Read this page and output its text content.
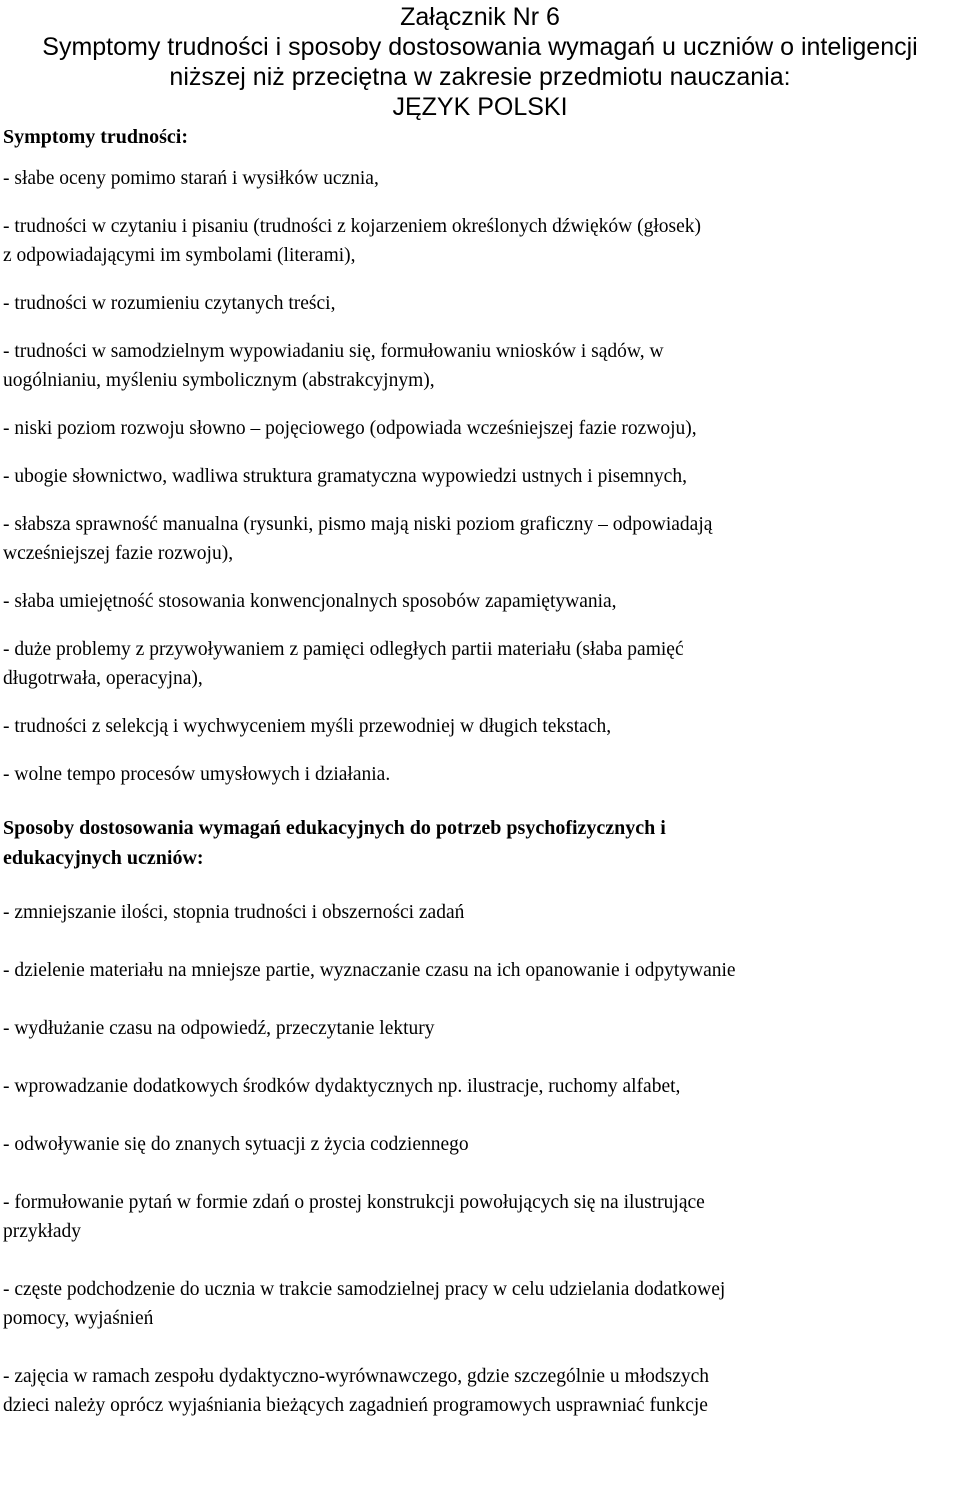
Załącznik Nr 6

Symptomy trudności i sposoby dostosowania wymagań u uczniów o inteligencji

niższej niż przeciętna w zakresie przedmiotu nauczania:

JĘZYK POLSKI

Symptomy trudności:

- słabe oceny pomimo starań i wysiłków ucznia,
- trudności w czytaniu i pisaniu (trudności z kojarzeniem określonych dźwięków (głosek)
z odpowiadającymi im symbolami (literami),
- trudności w rozumieniu czytanych treści,
- trudności w samodzielnym wypowiadaniu się, formułowaniu wniosków i sądów, w
uogólnianiu, myśleniu symbolicznym (abstrakcyjnym),
- niski poziom rozwoju słowno – pojęciowego (odpowiada wcześniejszej fazie rozwoju),
- ubogie słownictwo, wadliwa struktura gramatyczna wypowiedzi ustnych i pisemnych,
- słabsza sprawność manualna (rysunki, pismo mają niski poziom graficzny – odpowiadają
wcześniejszej fazie rozwoju),
- słaba umiejętność stosowania konwencjonalnych sposobów zapamiętywania,
- duże problemy z przywoływaniem z pamięci odległych partii materiału (słaba pamięć
długotrwała, operacyjna),
- trudności z selekcją i wychwyceniem myśli przewodniej w długich tekstach,
- wolne tempo procesów umysłowych i działania.

Sposoby dostosowania wymagań edukacyjnych do potrzeb psychofizycznych i

edukacyjnych uczniów:

- zmniejszanie ilości, stopnia trudności i obszerności zadań
- dzielenie materiału na mniejsze partie, wyznaczanie czasu na ich opanowanie i odpytywanie
- wydłużanie czasu na odpowiedź, przeczytanie lektury
- wprowadzanie dodatkowych środków dydaktycznych np. ilustracje, ruchomy alfabet,
- odwoływanie się do znanych sytuacji z życia codziennego
- formułowanie pytań w formie zdań o prostej konstrukcji powołujących się na ilustrujące
przykłady
- częste podchodzenie do ucznia w trakcie samodzielnej pracy w celu udzielania dodatkowej
pomocy, wyjaśnień
- zajęcia w ramach zespołu dydaktyczno-wyrównawczego, gdzie szczególnie u młodszych
dzieci należy oprócz wyjaśniania bieżących zagadnień programowych usprawniać funkcje
